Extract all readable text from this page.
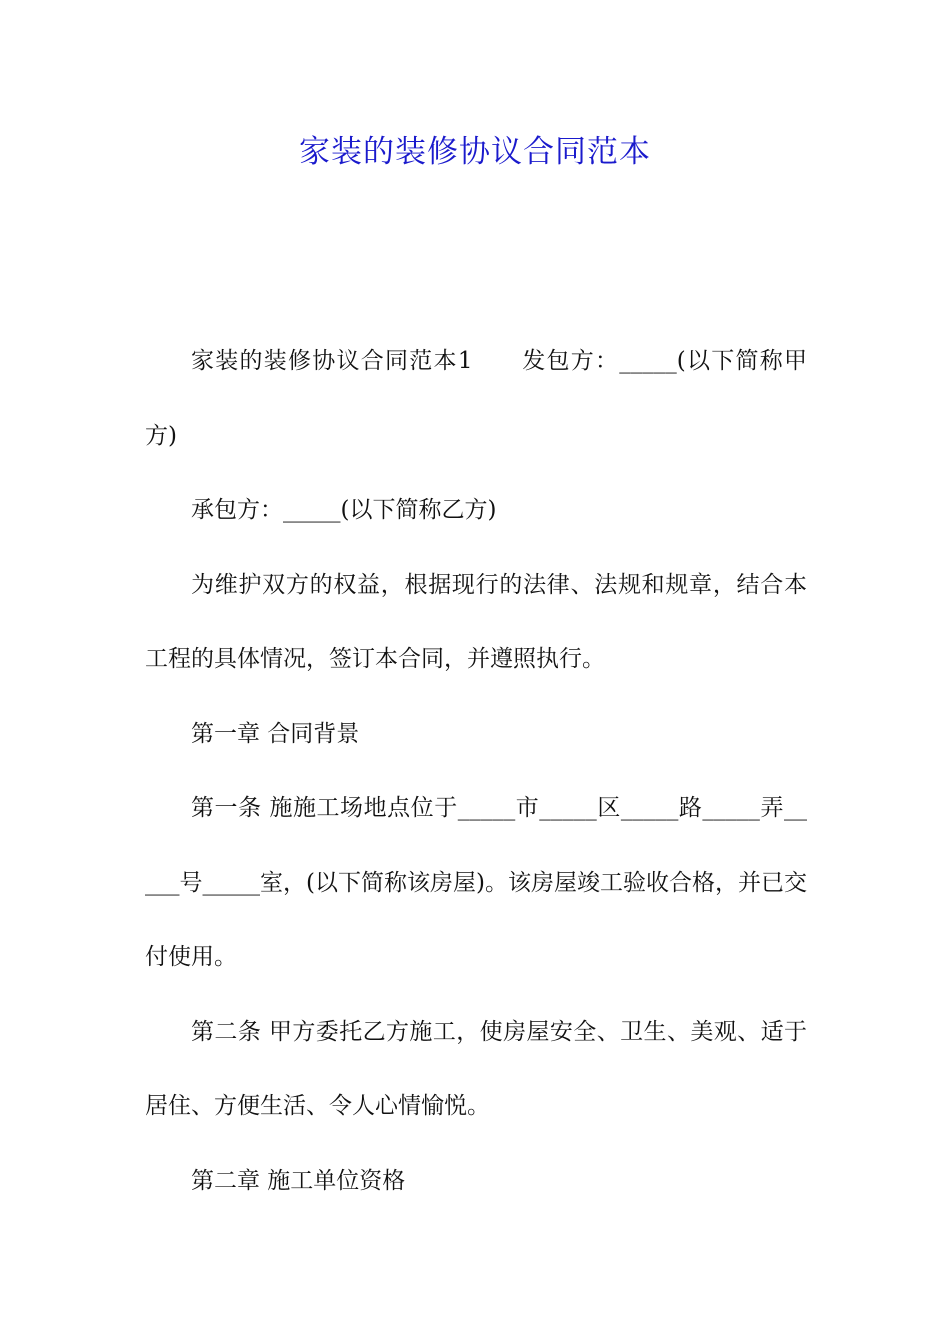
家装的装修协议合同范本

家装的装修协议合同范本1　　发包方：_____(以下简称甲方)

承包方：_____(以下简称乙方)

为维护双方的权益，根据现行的法律、法规和规章，结合本工程的具体情况，签订本合同，并遵照执行。

第一章 合同背景

第一条 施施工场地点位于_____市_____区_____路_____弄_____号_____室，(以下简称该房屋)。该房屋竣工验收合格，并已交付使用。

第二条 甲方委托乙方施工，使房屋安全、卫生、美观、适于居住、方便生活、令人心情愉悦。

第二章 施工单位资格
